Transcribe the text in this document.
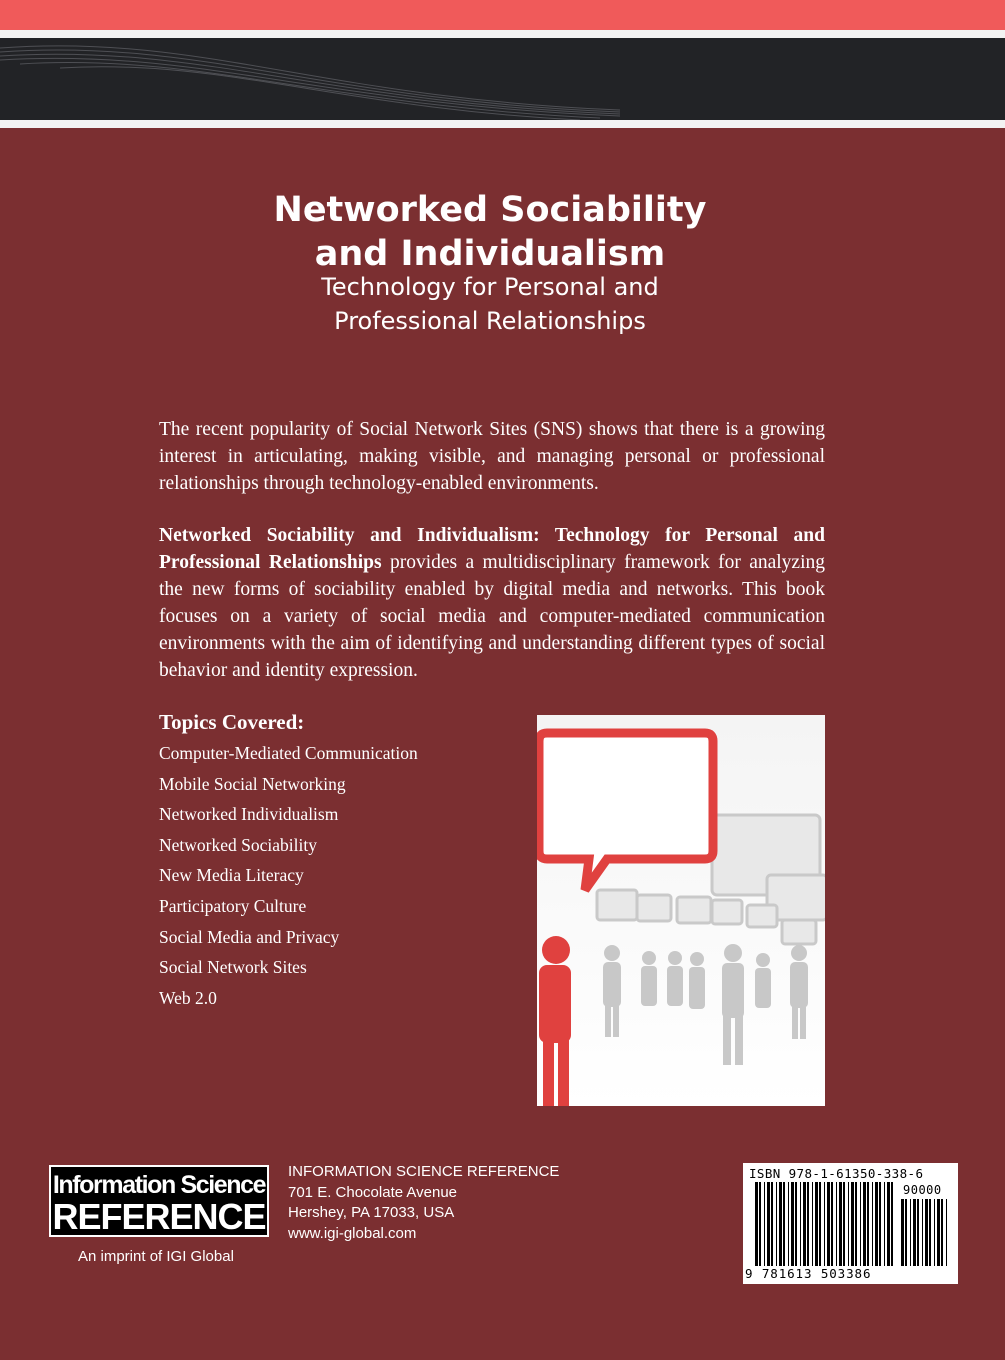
Networked Sociability

and Individualism

Technology for Personal and

Professional Relationships

The recent popularity of Social Network Sites (SNS) shows that there is a growing interest in articulating, making visible, and managing personal or professional relationships through technology-enabled environments.

Networked Sociability and Individualism: Technology for Personal and Professional Relationships provides a multidisciplinary framework for analyzing the new forms of sociability enabled by digital media and networks. This book focuses on a variety of social media and computer-mediated communication environments with the aim of identifying and understanding different types of social behavior and identity expression.

Topics Covered:

Computer-Mediated Communication
Mobile Social Networking
Networked Individualism
Networked Sociability
New Media Literacy
Participatory Culture
Social Media and Privacy
Social Network Sites
Web 2.0
Information Science
REFERENCE
An imprint of IGI Global
INFORMATION SCIENCE REFERENCE
701 E. Chocolate Avenue
Hershey, PA 17033, USA
www.igi-global.com
ISBN 978-1-61350-338-6
90000
9 781613 503386
